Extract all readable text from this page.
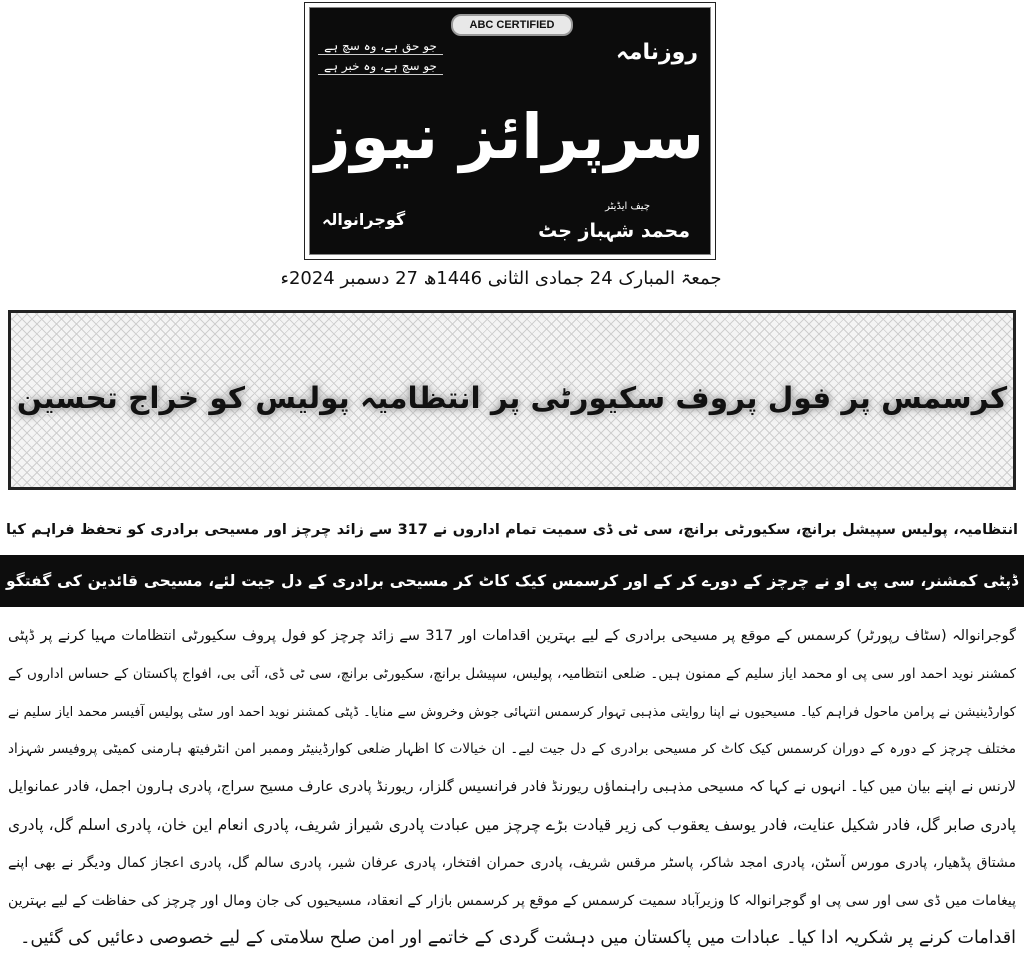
ABC CERTIFIED
جو حق ہے، وہ سچ ہے
جو سچ ہے، وہ خبر ہے
روزنامہ
سرپرائز نیوز
گوجرانوالہ
چیف ایڈیٹر
محمد شہباز جٹ
جمعۃ المبارک 24 جمادی الثانی 1446ھ 27 دسمبر 2024ء
کرسمس پر فول پروف سکیورٹی پر انتظامیہ پولیس کو خراج تحسین
انتظامیہ، پولیس سپیشل برانچ، سکیورٹی برانچ، سی ٹی ڈی سمیت تمام اداروں نے 317 سے زائد چرچز اور مسیحی برادری کو تحفظ فراہم کیا
ڈپٹی کمشنر، سی پی او نے چرچز کے دورے کر کے اور کرسمس کیک کاٹ کر مسیحی برادری کے دل جیت لئے، مسیحی قائدین کی گفتگو
گوجرانوالہ (سٹاف رپورٹر) کرسمس کے موقع پر مسیحی برادری کے لیے بہترین اقدامات اور 317 سے زائد چرچز کو فول پروف سکیورٹی انتظامات مہیا کرنے پر ڈپٹی
کمشنر نوید احمد اور سی پی او محمد ایاز سلیم کے ممنون ہیں۔ ضلعی انتظامیہ، پولیس، سپیشل برانچ، سکیورٹی برانچ، سی ٹی ڈی، آئی بی، افواج پاکستان کے حساس اداروں کے
کوارڈینیشن نے پرامن ماحول فراہم کیا۔ مسیحیوں نے اپنا روایتی مذہبی تہوار کرسمس انتہائی جوش وخروش سے منایا۔ ڈپٹی کمشنر نوید احمد اور سٹی پولیس آفیسر محمد ایاز سلیم نے
مختلف چرچز کے دورہ کے دوران کرسمس کیک کاٹ کر مسیحی برادری کے دل جیت لیے۔ ان خیالات کا اظہار ضلعی کوارڈینیٹر وممبر امن انٹرفیتھ ہارمنی کمیٹی پروفیسر شہزاد
لارنس نے اپنے بیان میں کیا۔ انہوں نے کہا کہ مسیحی مذہبی راہنماؤں ریورنڈ فادر فرانسیس گلزار، ریورنڈ پادری عارف مسیح سراج، پادری ہارون اجمل، فادر عمانوایل
پادری صابر گل، فادر شکیل عنایت، فادر یوسف یعقوب کی زیر قیادت بڑے چرچز میں عبادت پادری شیراز شریف، پادری انعام این خان، پادری اسلم گل، پادری
مشتاق پڈھیار، پادری مورس آسٹن، پادری امجد شاکر، پاسٹر مرقس شریف، پادری حمران افتخار، پادری عرفان شیر، پادری سالم گل، پادری اعجاز کمال ودیگر نے بھی اپنے
پیغامات میں ڈی سی اور سی پی او گوجرانوالہ کا وزیرآباد سمیت کرسمس کے موقع پر کرسمس بازار کے انعقاد، مسیحیوں کی جان ومال اور چرچز کی حفاظت کے لیے بہترین
اقدامات کرنے پر شکریہ ادا کیا۔ عبادات میں پاکستان میں دہشت گردی کے خاتمے اور امن صلح سلامتی کے لیے خصوصی دعائیں کی گئیں۔
